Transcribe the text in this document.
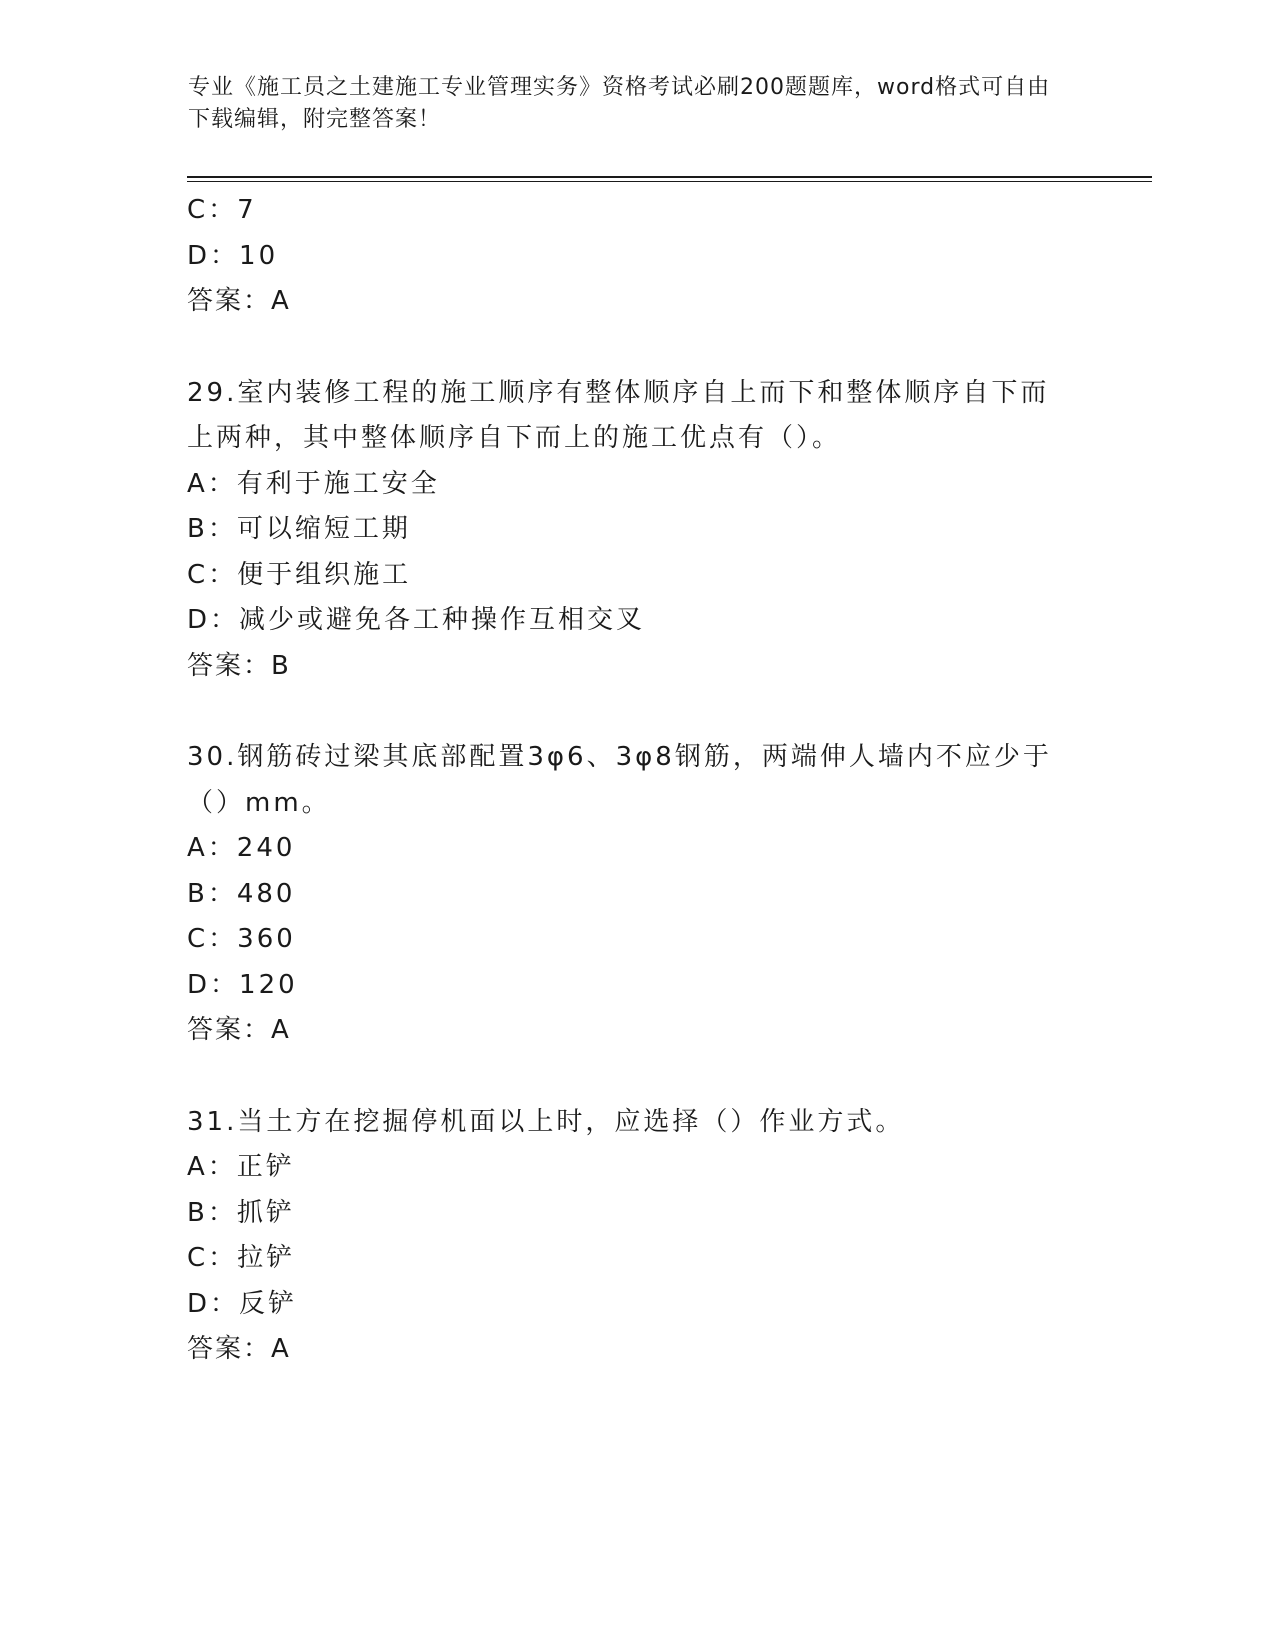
专业《施工员之土建施工专业管理实务》资格考试必刷200题题库，word格式可自由下载编辑，附完整答案！
C：7
D：10
答案：A
29.室内装修工程的施工顺序有整体顺序自上而下和整体顺序自下而上两种，其中整体顺序自下而上的施工优点有（）。
A：有利于施工安全
B：可以缩短工期
C：便于组织施工
D：减少或避免各工种操作互相交叉
答案：B
30.钢筋砖过梁其底部配置3φ6、3φ8钢筋，两端伸人墙内不应少于（）mm。
A：240
B：480
C：360
D：120
答案：A
31.当土方在挖掘停机面以上时，应选择（）作业方式。
A：正铲
B：抓铲
C：拉铲
D：反铲
答案：A
